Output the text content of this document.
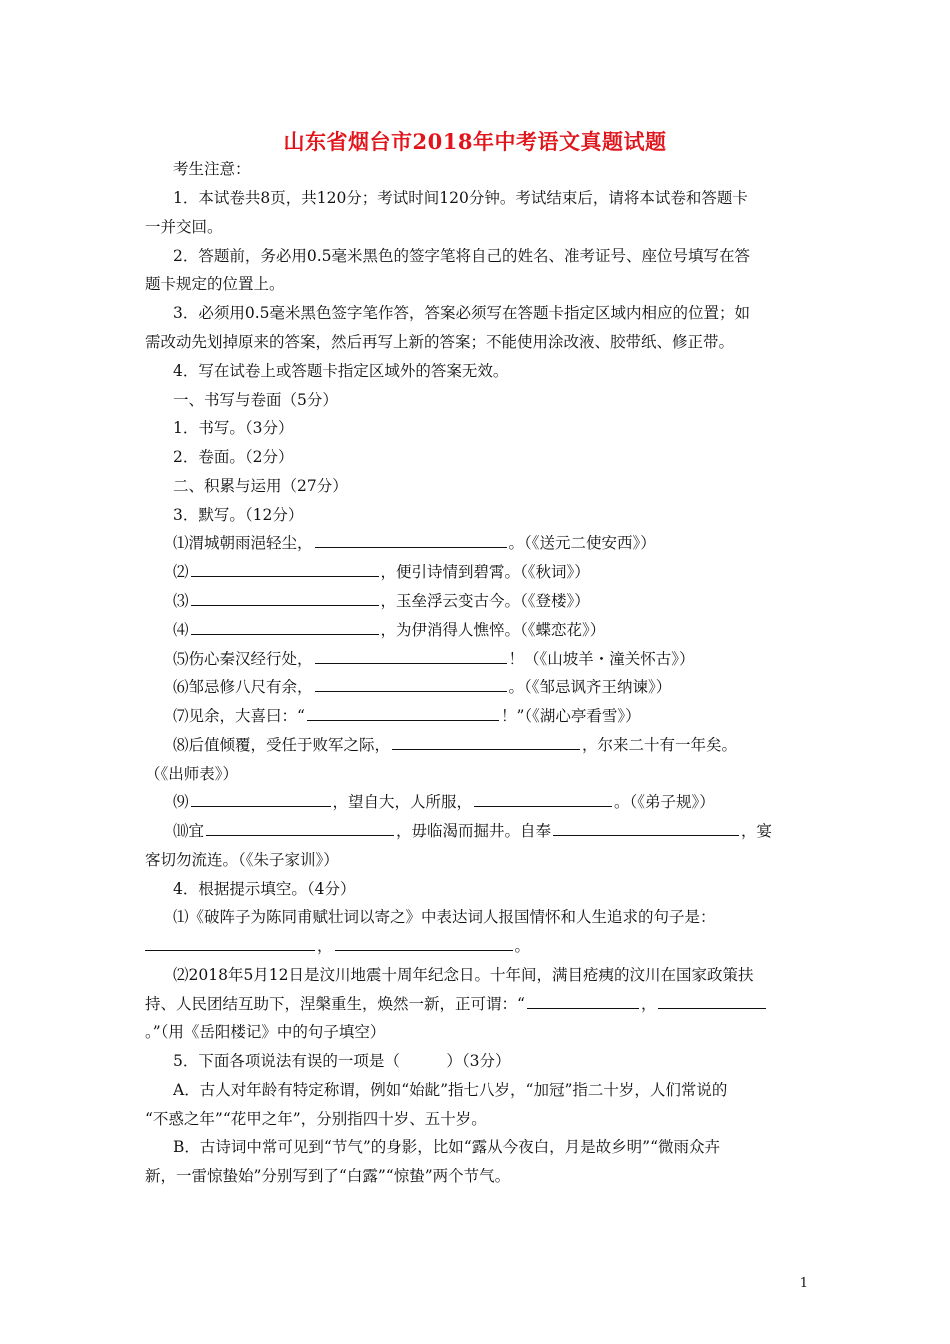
山东省烟台市2018年中考语文真题试题
考生注意：
1．本试卷共8页，共120分；考试时间120分钟。考试结束后，请将本试卷和答题卡
一并交回。
2．答题前，务必用0.5毫米黑色的签字笔将自己的姓名、准考证号、座位号填写在答
题卡规定的位置上。
3．必须用0.5毫米黑色签字笔作答，答案必须写在答题卡指定区域内相应的位置；如
需改动先划掉原来的答案，然后再写上新的答案；不能使用涂改液、胶带纸、修正带。
4．写在试卷上或答题卡指定区域外的答案无效。
一、书写与卷面（5分）
1．书写。（3分）
2．卷面。（2分）
二、积累与运用（27分）
3．默写。（12分）
⑴渭城朝雨浥轻尘，	。（《送元二使安西》）
⑵	，便引诗情到碧霄。（《秋词》）
⑶	，玉垒浮云变古今。（《登楼》）
⑷	，为伊消得人憔悴。（《蝶恋花》）
⑸伤心秦汉经行处，	！（《山坡羊・潼关怀古》）
⑹邹忌修八尺有余，	。（《邹忌讽齐王纳谏》）
⑺见余，大喜曰：“	！”（《湖心亭看雪》）
⑻后值倾覆，受任于败军之际，	，尔来二十有一年矣。
（《出师表》）
⑼	，望自大，人所服，	。（《弟子规》）
⑽宜	，毋临渴而掘井。自奉	，宴
客切勿流连。（《朱子家训》）
4．根据提示填空。（4分）
⑴《破阵子为陈同甫赋壮词以寄之》中表达词人报国情怀和人生追求的句子是：
，	。
⑵2018年5月12日是汶川地震十周年纪念日。十年间，满目疮痍的汶川在国家政策扶
持、人民团结互助下，涅槃重生，焕然一新，正可谓：“	，
。”（用《岳阳楼记》中的句子填空）
5．下面各项说法有误的一项是（　　　）（3分）
A．古人对年龄有特定称谓，例如“始龀”指七八岁，“加冠”指二十岁，人们常说的
“不惑之年”“花甲之年”，分别指四十岁、五十岁。
B．古诗词中常可见到“节气”的身影，比如“露从今夜白，月是故乡明”“微雨众卉
新，一雷惊蛰始”分别写到了“白露”“惊蛰”两个节气。
1
